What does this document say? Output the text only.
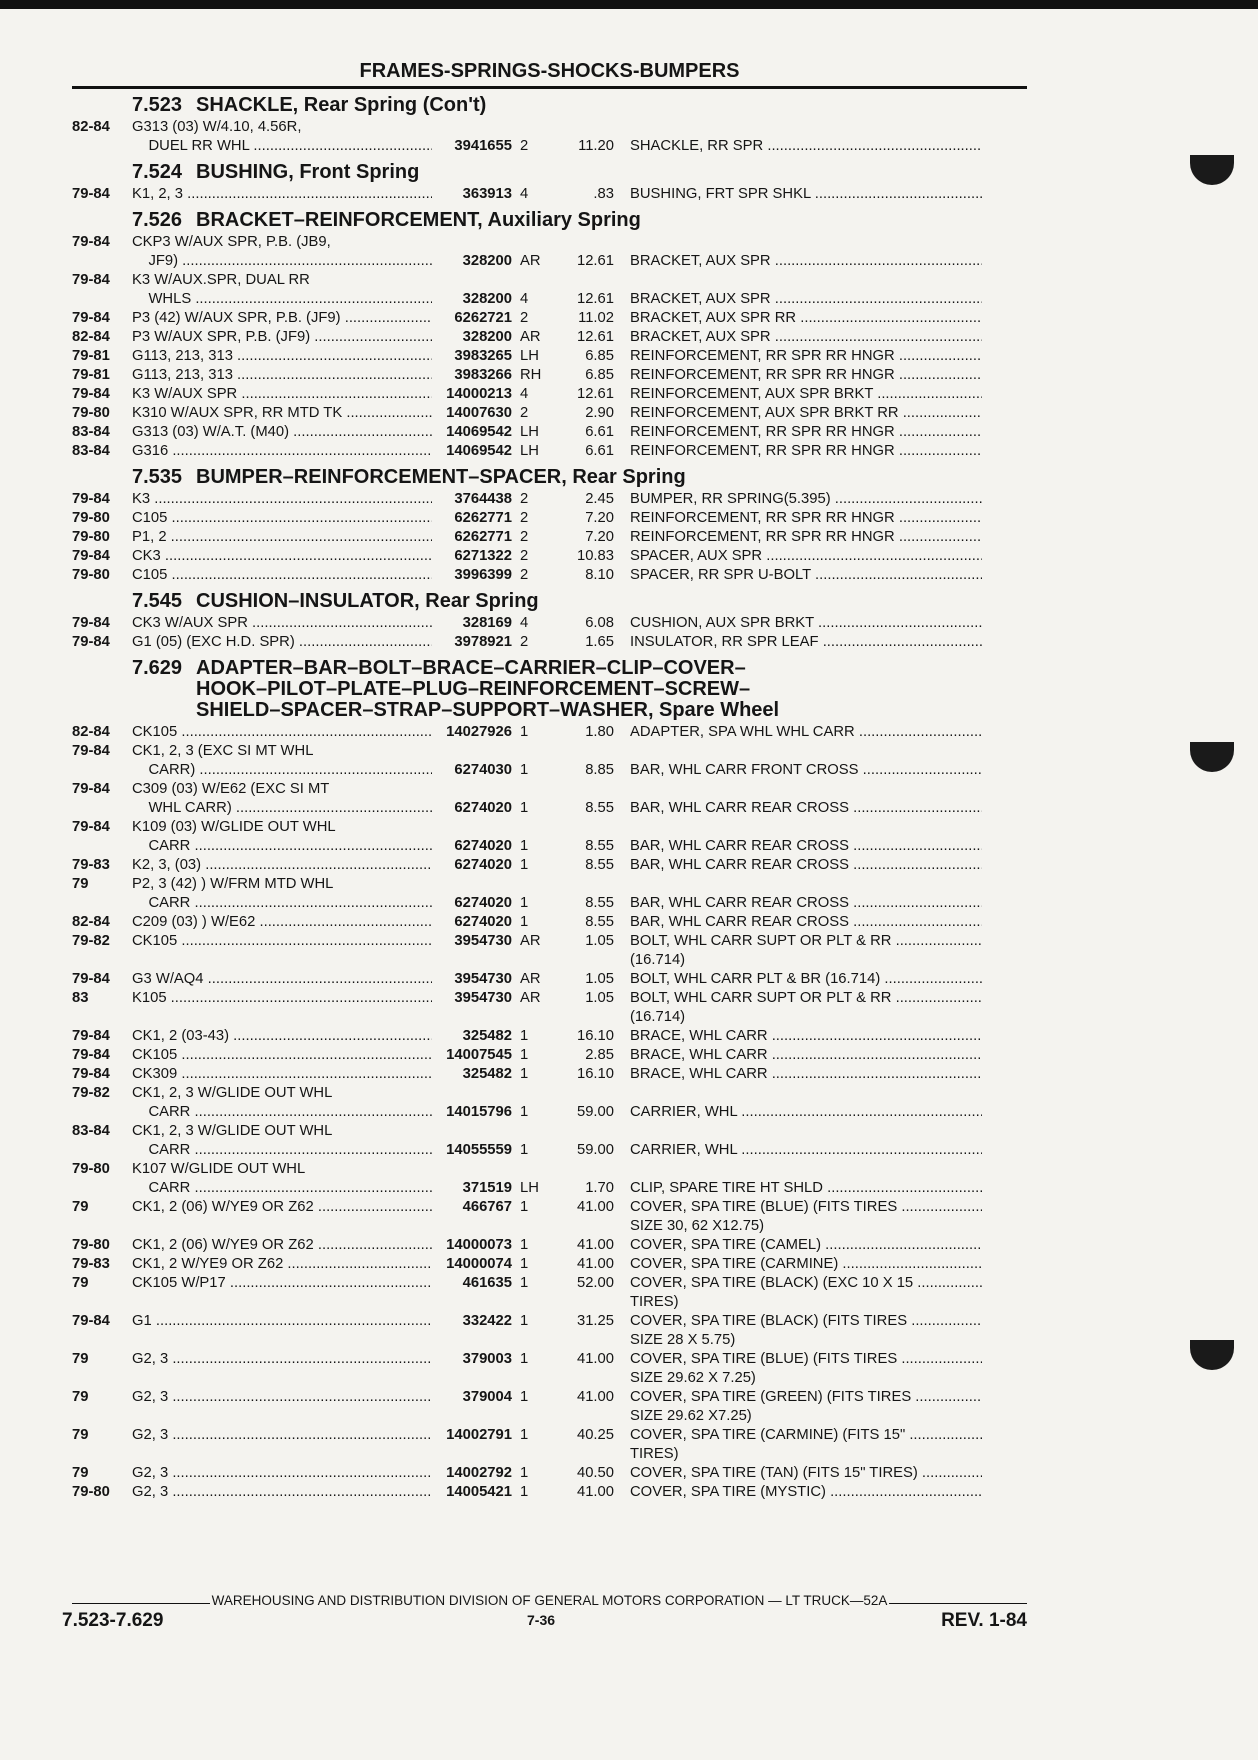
FRAMES-SPRINGS-SHOCKS-BUMPERS
7.523 SHACKLE, Rear Spring (Con't)
82-84	G313 (03) W/4.10, 4.56R,
DUEL RR WHL .....	3941655 2	11.20	SHACKLE, RR SPR .....
7.524 BUSHING, Front Spring
79-84	K1, 2, 3 .....	363913 4	.83	BUSHING, FRT SPR SHKL .....
7.526 BRACKET–REINFORCEMENT, Auxiliary Spring
79-84	CKP3 W/AUX SPR, P.B. (JB9,
JF9) .....	328200 AR	12.61	BRACKET, AUX SPR .....
79-84	K3 W/AUX.SPR, DUAL RR
WHLS .....	328200 4	12.61	BRACKET, AUX SPR .....
79-84	P3 (42) W/AUX SPR, P.B. (JF9) .....	6262721 2	11.02	BRACKET, AUX SPR RR .....
82-84	P3 W/AUX SPR, P.B. (JF9) .....	328200 AR	12.61	BRACKET, AUX SPR .....
79-81	G113, 213, 313 .....	3983265 LH	6.85	REINFORCEMENT, RR SPR RR HNGR .....
79-81	G113, 213, 313 .....	3983266 RH	6.85	REINFORCEMENT, RR SPR RR HNGR .....
79-84	K3 W/AUX SPR .....	14000213 4	12.61	REINFORCEMENT, AUX SPR BRKT .....
79-80	K310 W/AUX SPR, RR MTD TK .....	14007630 2	2.90	REINFORCEMENT, AUX SPR BRKT RR .....
83-84	G313 (03) W/A.T. (M40) .....	14069542 LH	6.61	REINFORCEMENT, RR SPR RR HNGR .....
83-84	G316 .....	14069542 LH	6.61	REINFORCEMENT, RR SPR RR HNGR .....
7.535 BUMPER–REINFORCEMENT–SPACER, Rear Spring
79-84	K3 .....	3764438 2	2.45	BUMPER, RR SPRING(5.395) .....
79-80	C105 .....	6262771 2	7.20	REINFORCEMENT, RR SPR RR HNGR .....
79-80	P1, 2 .....	6262771 2	7.20	REINFORCEMENT, RR SPR RR HNGR .....
79-84	CK3 .....	6271322 2	10.83	SPACER, AUX SPR .....
79-80	C105 .....	3996399 2	8.10	SPACER, RR SPR U-BOLT .....
7.545 CUSHION–INSULATOR, Rear Spring
79-84	CK3 W/AUX SPR .....	328169 4	6.08	CUSHION, AUX SPR BRKT .....
79-84	G1 (05) (EXC H.D. SPR) .....	3978921 2	1.65	INSULATOR, RR SPR LEAF .....
7.629 ADAPTER–BAR–BOLT–BRACE–CARRIER–CLIP–COVER–
HOOK–PILOT–PLATE–PLUG–REINFORCEMENT–SCREW–
SHIELD–SPACER–STRAP–SUPPORT–WASHER, Spare Wheel
82-84	CK105 .....	14027926 1	1.80	ADAPTER, SPA WHL WHL CARR .....
79-84	CK1, 2, 3 (EXC SI MT WHL
CARR) .....	6274030 1	8.85	BAR, WHL CARR FRONT CROSS .....
79-84	C309 (03) W/E62 (EXC SI MT
WHL CARR) .....	6274020 1	8.55	BAR, WHL CARR REAR CROSS .....
79-84	K109 (03) W/GLIDE OUT WHL
CARR .....	6274020 1	8.55	BAR, WHL CARR REAR CROSS .....
79-83	K2, 3, (03) .....	6274020 1	8.55	BAR, WHL CARR REAR CROSS .....
79	P2, 3 (42) ) W/FRM MTD WHL
CARR .....	6274020 1	8.55	BAR, WHL CARR REAR CROSS .....
82-84	C209 (03) ) W/E62 .....	6274020 1	8.55	BAR, WHL CARR REAR CROSS .....
79-82	CK105 .....	3954730 AR	1.05	BOLT, WHL CARR SUPT OR PLT & RR .....
(16.714)
79-84	G3 W/AQ4 .....	3954730 AR	1.05	BOLT, WHL CARR PLT & BR (16.714) .....
83	K105 .....	3954730 AR	1.05	BOLT, WHL CARR SUPT OR PLT & RR .....
(16.714)
79-84	CK1, 2 (03-43) .....	325482 1	16.10	BRACE, WHL CARR .....
79-84	CK105 .....	14007545 1	2.85	BRACE, WHL CARR .....
79-84	CK309 .....	325482 1	16.10	BRACE, WHL CARR .....
79-82	CK1, 2, 3 W/GLIDE OUT WHL
CARR .....	14015796 1	59.00	CARRIER, WHL .....
83-84	CK1, 2, 3 W/GLIDE OUT WHL
CARR .....	14055559 1	59.00	CARRIER, WHL .....
79-80	K107 W/GLIDE OUT WHL
CARR .....	371519 LH	1.70	CLIP, SPARE TIRE HT SHLD .....
79	CK1, 2 (06) W/YE9 OR Z62 .....	466767 1	41.00	COVER, SPA TIRE (BLUE) (FITS TIRES .....
SIZE 30, 62 X12.75)
79-80	CK1, 2 (06) W/YE9 OR Z62 .....	14000073 1	41.00	COVER, SPA TIRE (CAMEL) .....
79-83	CK1, 2 W/YE9 OR Z62 .....	14000074 1	41.00	COVER, SPA TIRE (CARMINE) .....
79	CK105 W/P17 .....	461635 1	52.00	COVER, SPA TIRE (BLACK) (EXC 10 X 15 .....
TIRES)
79-84	G1 .....	332422 1	31.25	COVER, SPA TIRE (BLACK) (FITS TIRES .....
SIZE 28 X 5.75)
79	G2, 3 .....	379003 1	41.00	COVER, SPA TIRE (BLUE) (FITS TIRES .....
SIZE 29.62 X 7.25)
79	G2, 3 .....	379004 1	41.00	COVER, SPA TIRE (GREEN) (FITS TIRES .....
SIZE 29.62 X7.25)
79	G2, 3 .....	14002791 1	40.25	COVER, SPA TIRE (CARMINE) (FITS 15" .....
TIRES)
79	G2, 3 .....	14002792 1	40.50	COVER, SPA TIRE (TAN) (FITS 15" TIRES) .....
79-80	G2, 3 .....	14005421 1	41.00	COVER, SPA TIRE (MYSTIC) .....
WAREHOUSING AND DISTRIBUTION DIVISION OF GENERAL MOTORS CORPORATION — LT TRUCK—52A
7.523-7.629	7-36	REV. 1-84
